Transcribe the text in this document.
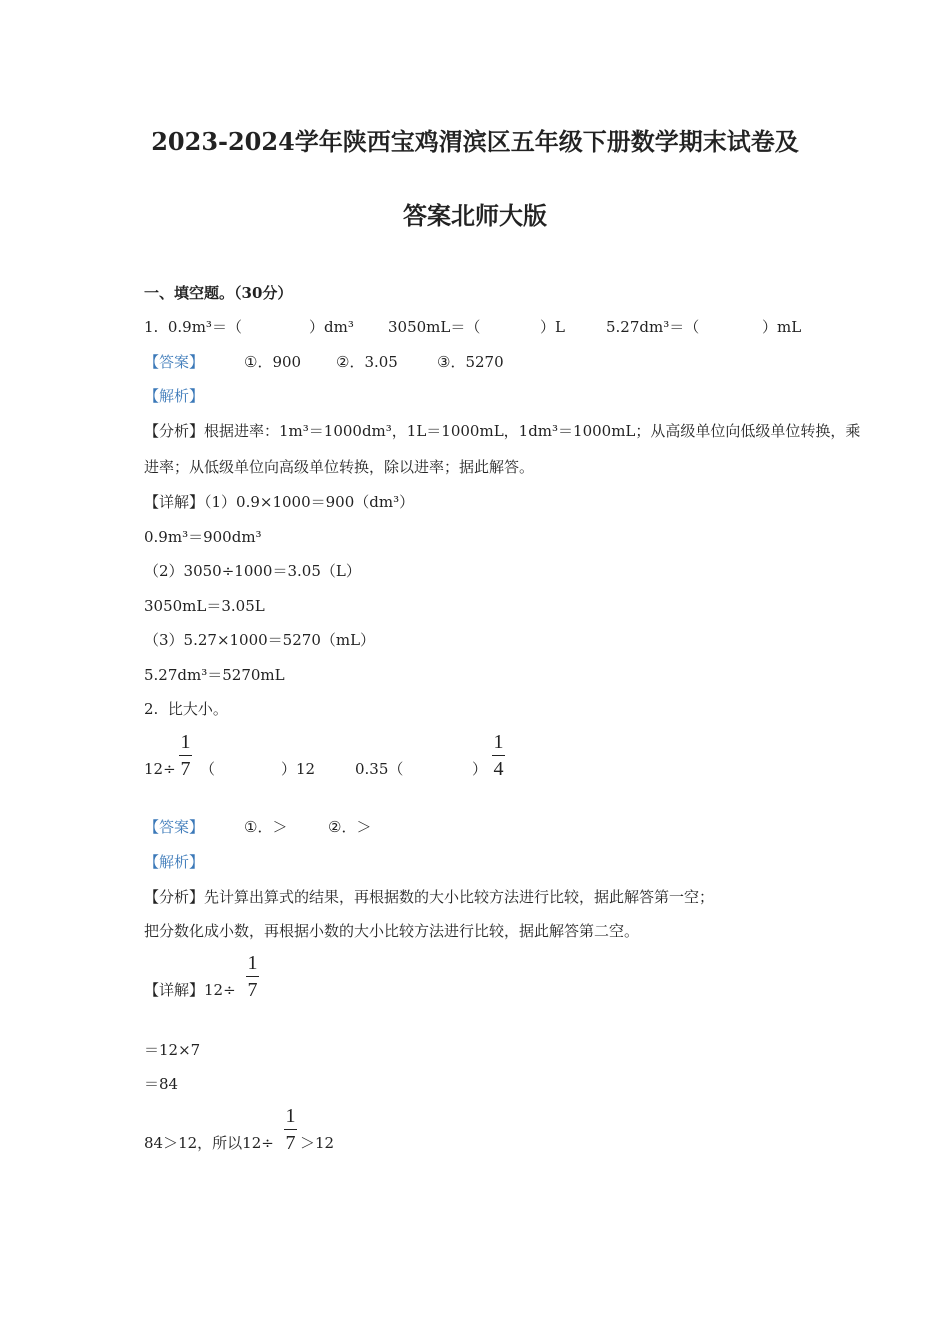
2023-2024学年陕西宝鸡渭滨区五年级下册数学期末试卷及
答案北师大版
一、填空题。（30分）
1.  0.9m³＝（	）dm³ 3050mL＝（	）L	5.27dm³＝（	）mL
【答案】	①．900 ②．3.05	③．5270
【解析】
【分析】根据进率：1m³＝1000dm³，1L＝1000mL，1dm³＝1000mL；从高级单位向低级单位转换，乘
进率；从低级单位向高级单位转换，除以进率；据此解答。
【详解】（1）0.9×1000＝900（dm³）
0.9m³＝900dm³
（2）3050÷1000＝3.05（L）
3050mL＝3.05L
（3）5.27×1000＝5270（mL）
5.27dm³＝5270mL
2.  比大小。
12÷
1
7 （	）12	0.35（	）
1
4
【答案】	①．＞	②．＞
【解析】
【分析】先计算出算式的结果，再根据数的大小比较方法进行比较，据此解答第一空；
把分数化成小数，再根据小数的大小比较方法进行比较，据此解答第二空。
【详解】12÷
1
7
＝12×7
＝84
84＞12，所以12÷
1
7 ＞12
